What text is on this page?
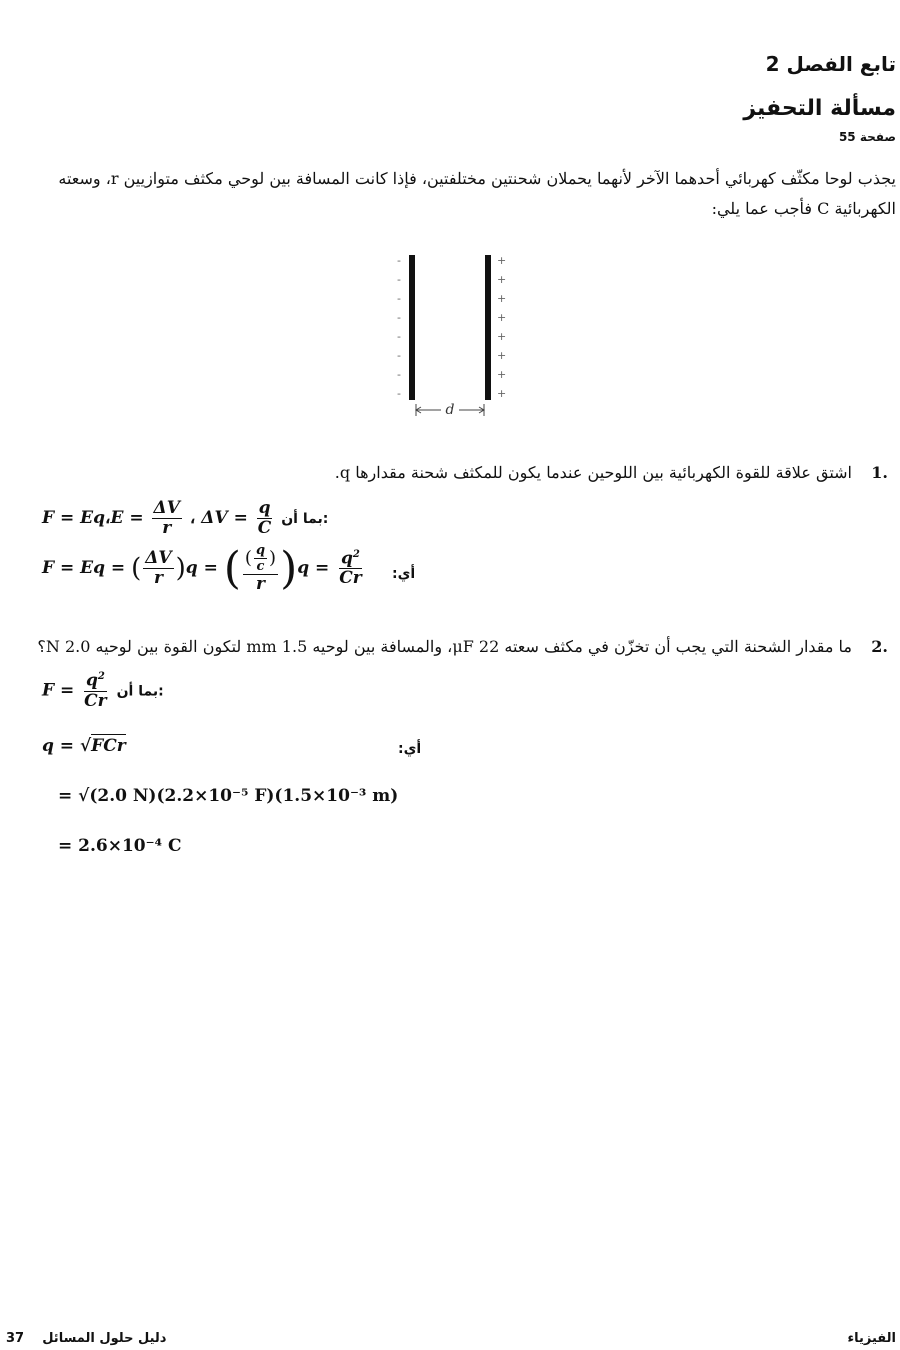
تابع الفصل 2
مسألة التحفيز
صفحة 55
يجذب لوحا مكثّف كهربائي أحدهما الآخر لأنهما يحملان شحنتين مختلفتين، فإذا كانت المسافة بين لوحي مكثف متوازيين r، وسعته الكهربائية C فأجب عما يلي:
-
-
-
-
-
-
-
-
+
+
+
+
+
+
+
+
d
.1اشتق علاقة للقوة الكهربائية بين اللوحين عندما يكون للمكثف شحنة مقدارها q.
F = Eq،E = $\frac{\Delta V}{r}$ ، $\Delta V = \frac{q}{C}$ بما أن:
F = Eq = ( $\frac{\Delta V}{r} )q$ = ( $\frac{( \frac{q}{c} )}{r} )q = \frac{q^2}{Cr}$ أي:
.2ما مقدار الشحنة التي يجب أن تخزّن في مكثف سعته 22 μF، والمسافة بين لوحيه 1.5 mm لتكون القوة بين لوحيه 2.0 N؟
$F = \frac{q^2}{Cr}$ بما أن:
q = √FCr	أي:
= √(2.0 N)(2.2×10⁻⁵ F)(1.5×10⁻³ m)
= 2.6×10⁻⁴ C
الفيزياء
37 دليل حلول المسائل
